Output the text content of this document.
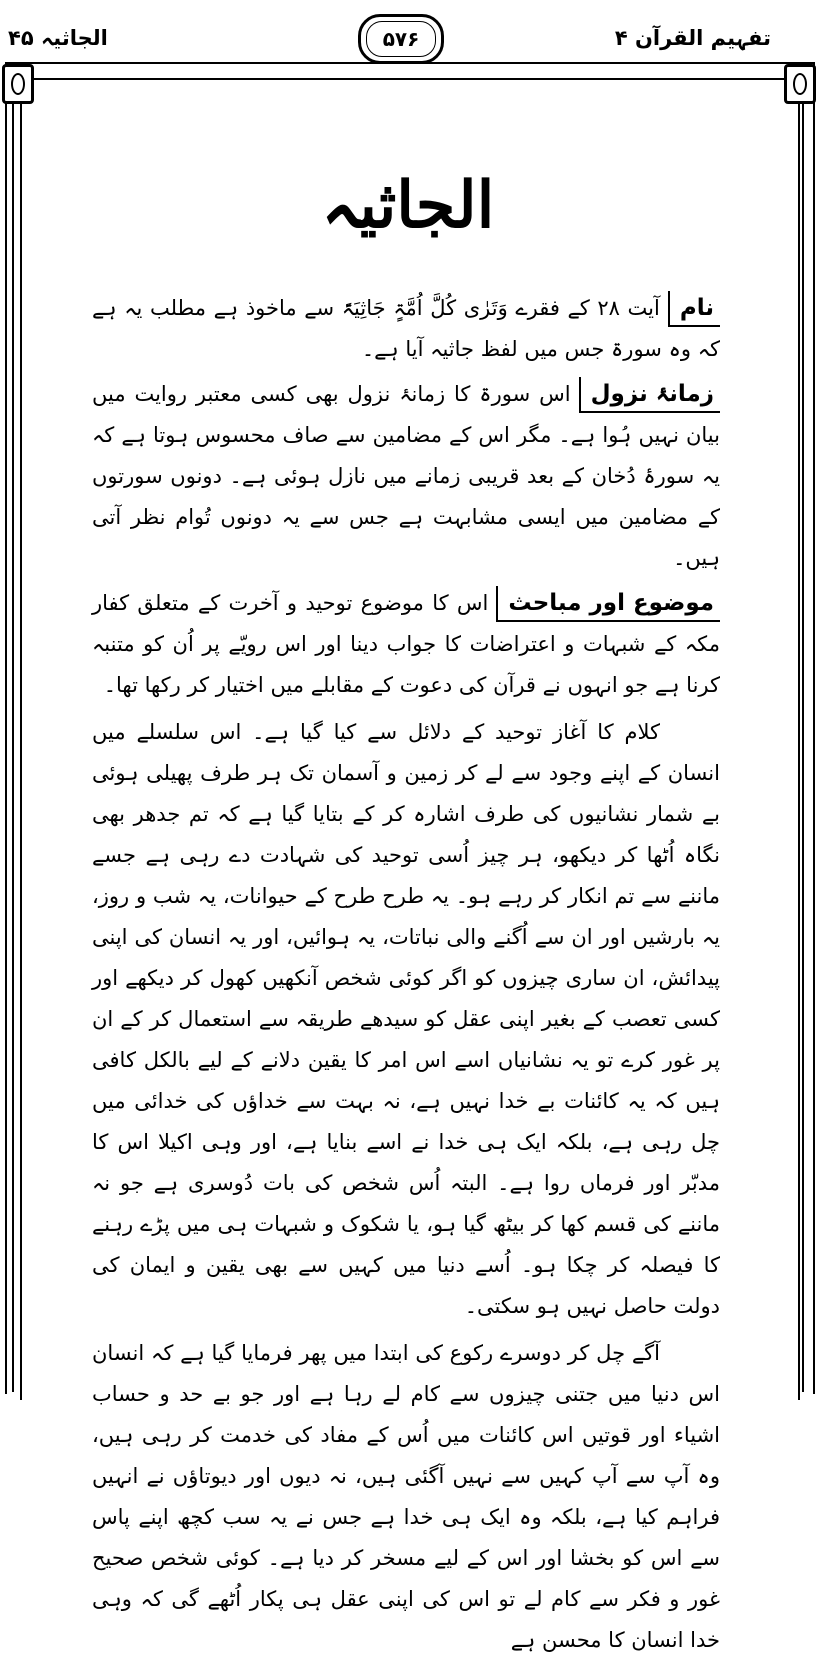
تفہیم القرآن ۴
الجاثیہ ۴۵	۵۷۶
الجاثیہ

نامآیت ۲۸ کے فقرے وَتَرٰی کُلَّ اُمَّۃٍ جَاثِیَۃً سے ماخوذ ہے مطلب یہ ہے کہ وہ سورۃ جس میں لفظ جاثیہ آیا ہے۔

زمانۂ نزولاس سورۃ کا زمانۂ نزول بھی کسی معتبر روایت میں بیان نہیں ہُوا ہے۔ مگر اس کے مضامین سے صاف محسوس ہوتا ہے کہ یہ سورۂ دُخان کے بعد قریبی زمانے میں نازل ہوئی ہے۔ دونوں سورتوں کے مضامین میں ایسی مشابہت ہے جس سے یہ دونوں تُوام نظر آتی ہیں۔

موضوع اور مباحثاس کا موضوع توحید و آخرت کے متعلق کفار مکہ کے شبہات و اعتراضات کا جواب دینا اور اس رویّے پر اُن کو متنبہ کرنا ہے جو انہوں نے قرآن کی دعوت کے مقابلے میں اختیار کر رکھا تھا۔

کلام کا آغاز توحید کے دلائل سے کیا گیا ہے۔ اس سلسلے میں انسان کے اپنے وجود سے لے کر زمین و آسمان تک ہر طرف پھیلی ہوئی بے شمار نشانیوں کی طرف اشارہ کر کے بتایا گیا ہے کہ تم جدھر بھی نگاہ اُٹھا کر دیکھو، ہر چیز اُسی توحید کی شہادت دے رہی ہے جسے ماننے سے تم انکار کر رہے ہو۔ یہ طرح طرح کے حیوانات، یہ شب و روز، یہ بارشیں اور ان سے اُگنے والی نباتات، یہ ہوائیں، اور یہ انسان کی اپنی پیدائش، ان ساری چیزوں کو اگر کوئی شخص آنکھیں کھول کر دیکھے اور کسی تعصب کے بغیر اپنی عقل کو سیدھے طریقہ سے استعمال کر کے ان پر غور کرے تو یہ نشانیاں اسے اس امر کا یقین دلانے کے لیے بالکل کافی ہیں کہ یہ کائنات بے خدا نہیں ہے، نہ بہت سے خداؤں کی خدائی میں چل رہی ہے، بلکہ ایک ہی خدا نے اسے بنایا ہے، اور وہی اکیلا اس کا مدبّر اور فرماں روا ہے۔ البتہ اُس شخص کی بات دُوسری ہے جو نہ ماننے کی قسم کھا کر بیٹھ گیا ہو، یا شکوک و شبہات ہی میں پڑے رہنے کا فیصلہ کر چکا ہو۔ اُسے دنیا میں کہیں سے بھی یقین و ایمان کی دولت حاصل نہیں ہو سکتی۔

آگے چل کر دوسرے رکوع کی ابتدا میں پھر فرمایا گیا ہے کہ انسان اس دنیا میں جتنی چیزوں سے کام لے رہا ہے اور جو بے حد و حساب اشیاء اور قوتیں اس کائنات میں اُس کے مفاد کی خدمت کر رہی ہیں، وہ آپ سے آپ کہیں سے نہیں آگئی ہیں، نہ دیوں اور دیوتاؤں نے انہیں فراہم کیا ہے، بلکہ وہ ایک ہی خدا ہے جس نے یہ سب کچھ اپنے پاس سے اس کو بخشا اور اس کے لیے مسخر کر دیا ہے۔ کوئی شخص صحیح غور و فکر سے کام لے تو اس کی اپنی عقل ہی پکار اُٹھے گی کہ وہی خدا انسان کا محسن ہے
